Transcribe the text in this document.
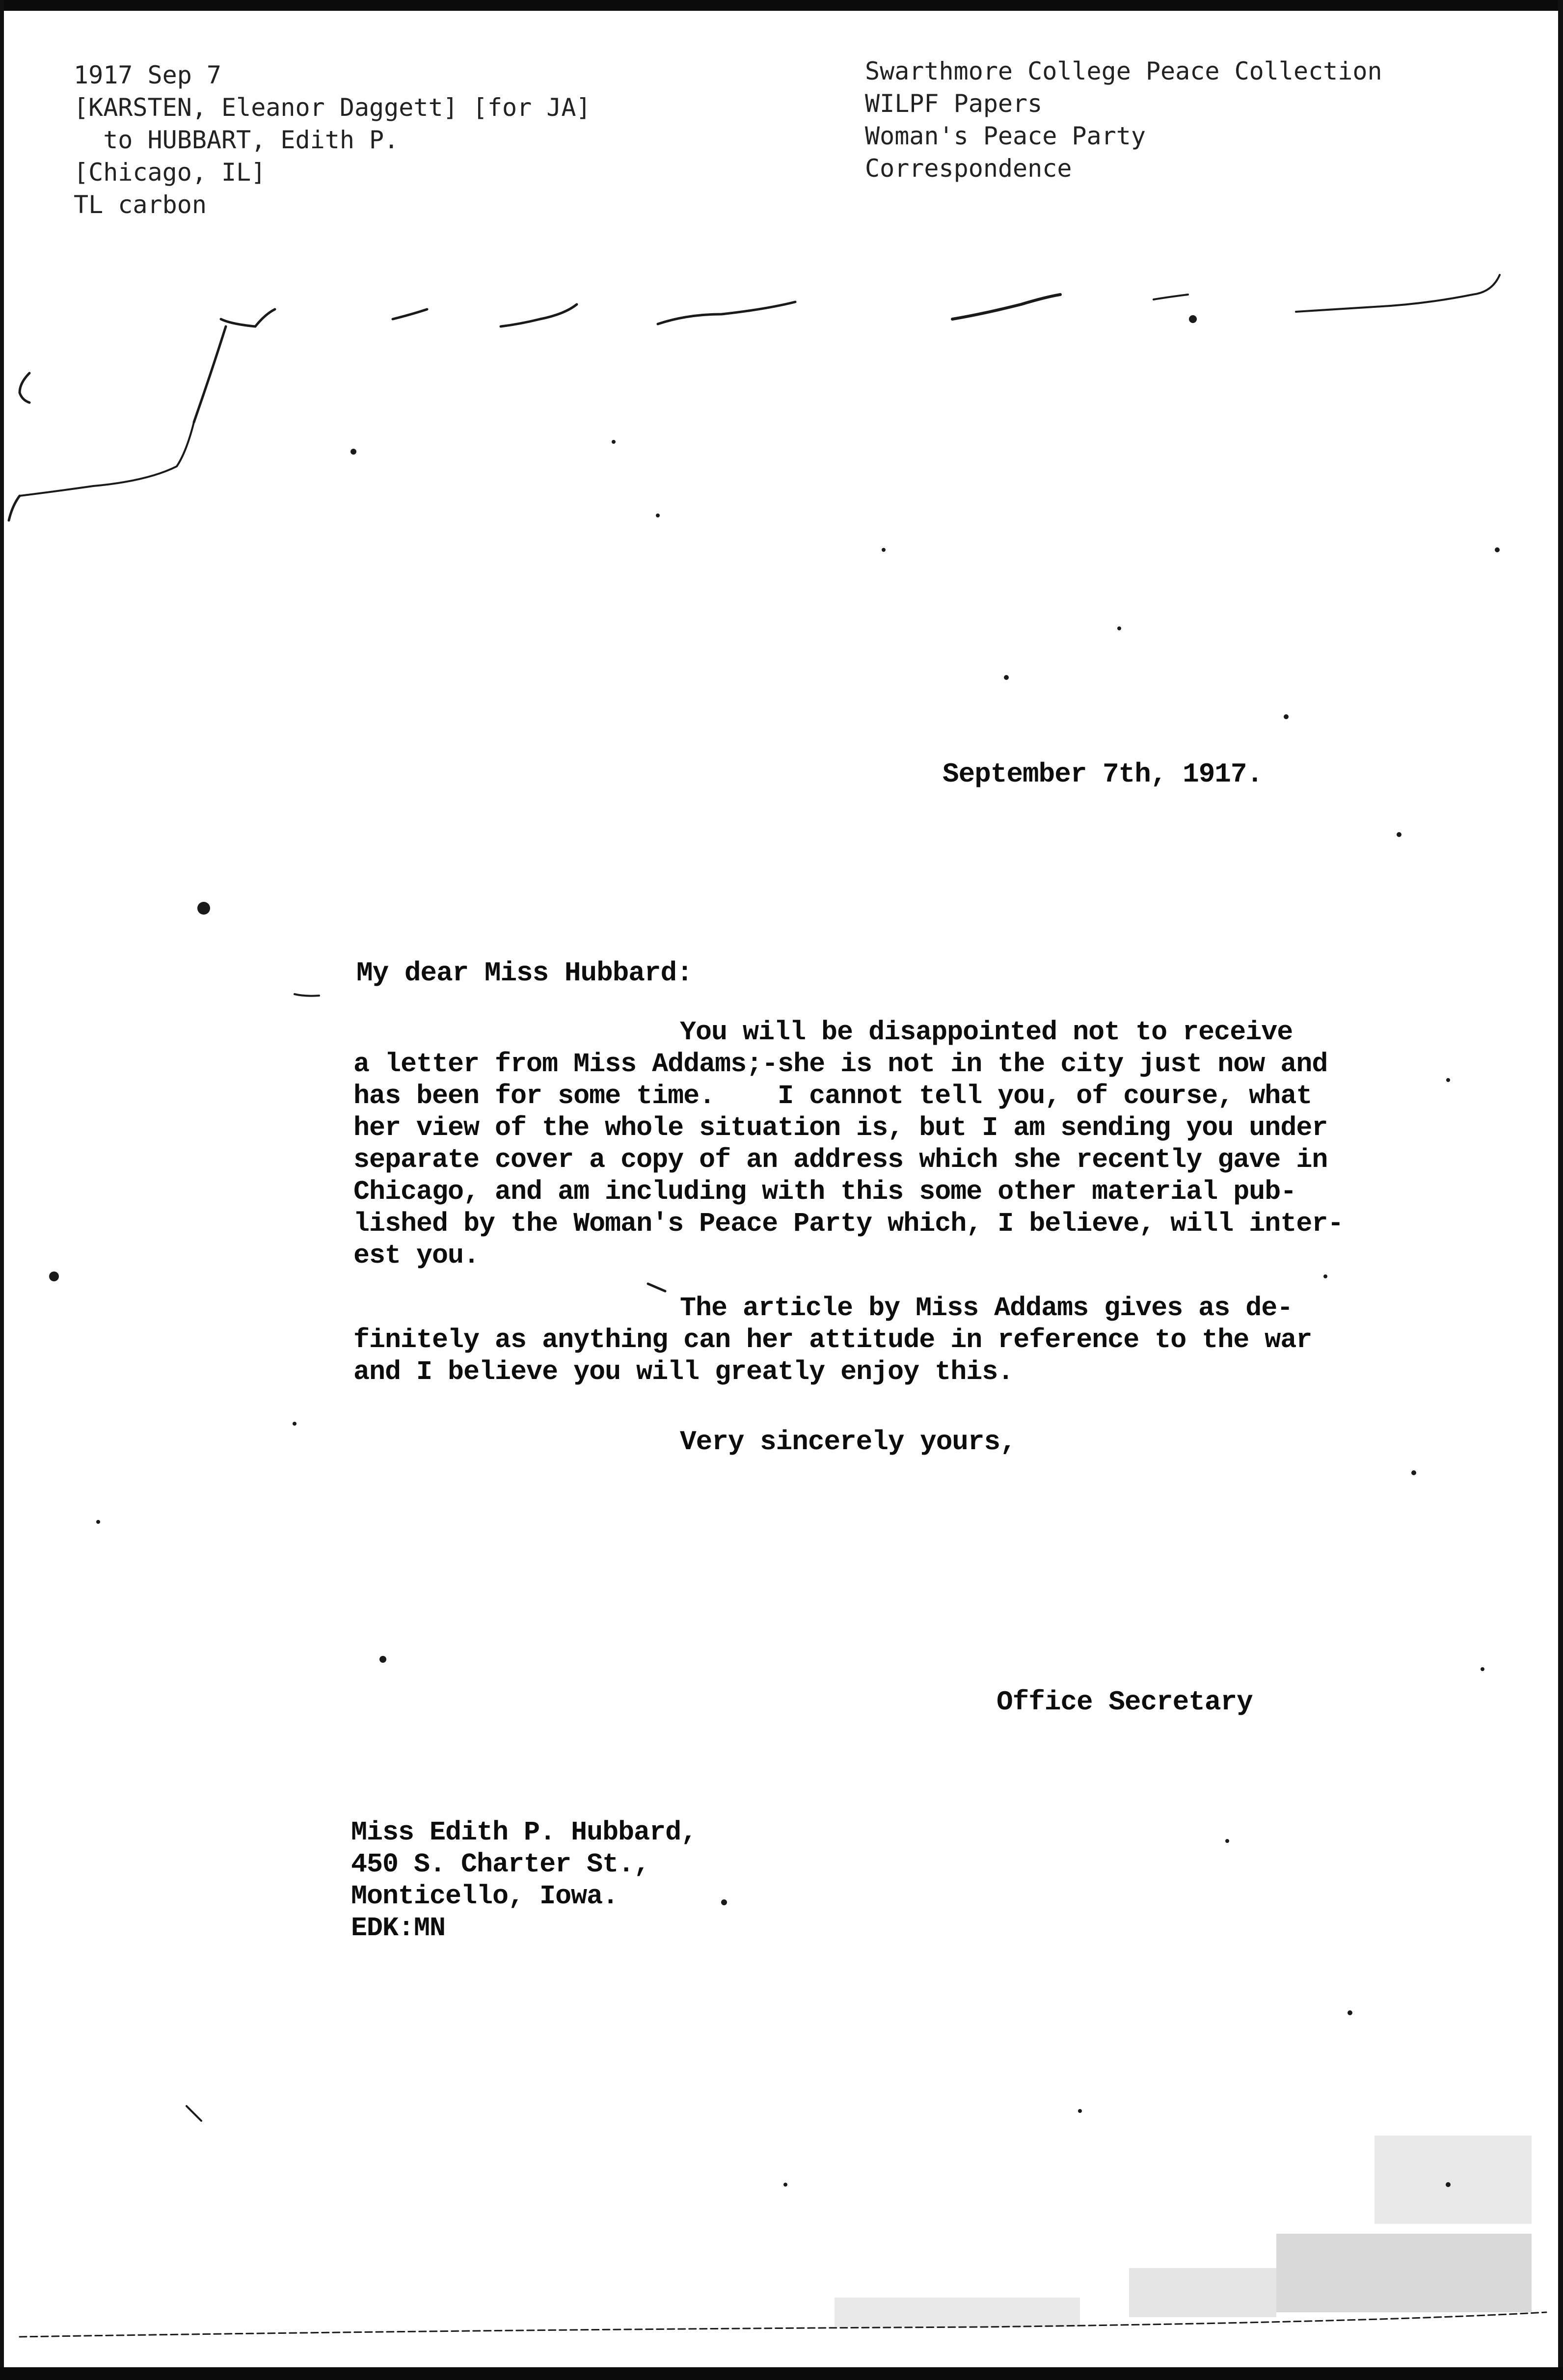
1917 Sep 7
[KARSTEN, Eleanor Daggett] [for JA]
to HUBBART, Edith P.
[Chicago, IL]
TL carbon
Swarthmore College Peace Collection
WILPF Papers
Woman's Peace Party
Correspondence
September 7th, 1917.
My dear Miss Hubbard:
You will be disappointed not to receive
a letter from Miss Addams;-she is not in the city just now and
has been for some time.    I cannot tell you, of course, what
her view of the whole situation is, but I am sending you under
separate cover a copy of an address which she recently gave in
Chicago, and am including with this some other material pub-
lished by the Woman's Peace Party which, I believe, will inter-
est you.
The article by Miss Addams gives as de-
finitely as anything can her attitude in reference to the war
and I believe you will greatly enjoy this.
Very sincerely yours,
Office Secretary
Miss Edith P. Hubbard,
450 S. Charter St.,
Monticello, Iowa.
EDK:MN
